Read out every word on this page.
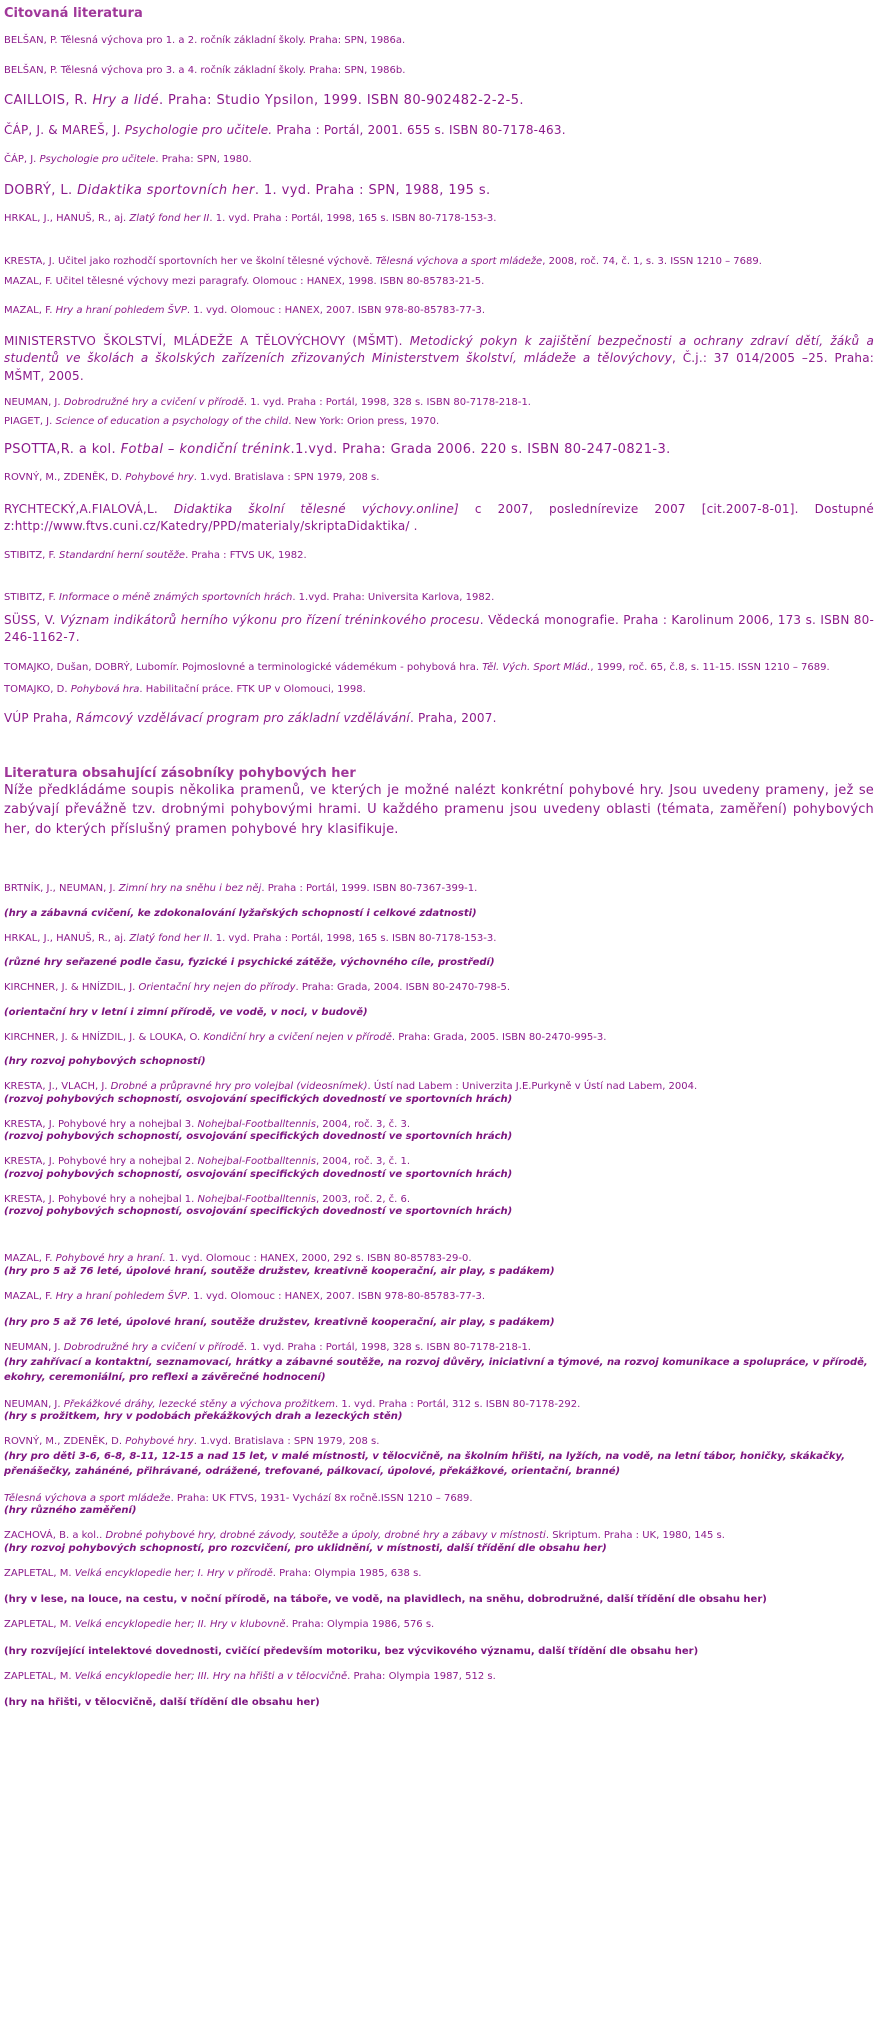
Citovaná literatura

BELŠAN, P. Tělesná výchova pro 1. a 2. ročník základní školy. Praha: SPN, 1986a.
BELŠAN, P. Tělesná výchova pro 3. a 4. ročník základní školy. Praha: SPN, 1986b.
CAILLOIS, R. Hry a lidé. Praha: Studio Ypsilon, 1999. ISBN 80-902482-2-2-5.
ČÁP, J. & MAREŠ, J. Psychologie pro učitele. Praha : Portál, 2001. 655 s. ISBN 80-7178-463.
ČÁP, J. Psychologie pro učitele. Praha: SPN, 1980.
DOBRÝ, L. Didaktika sportovních her. 1. vyd. Praha : SPN, 1988, 195 s.
HRKAL, J., HANUŠ, R., aj. Zlatý fond her II. 1. vyd. Praha : Portál, 1998, 165 s. ISBN 80-7178-153-3.
KRESTA, J. Učitel jako rozhodčí sportovních her ve školní tělesné výchově. Tělesná výchova a sport mládeže, 2008, roč. 74, č. 1, s. 3. ISSN 1210 – 7689.
MAZAL, F. Učitel tělesné výchovy mezi paragrafy. Olomouc : HANEX, 1998. ISBN 80-85783-21-5.
MAZAL, F. Hry a hraní pohledem ŠVP. 1. vyd. Olomouc : HANEX, 2007. ISBN 978-80-85783-77-3.
MINISTERSTVO ŠKOLSTVÍ, MLÁDEŽE A TĚLOVÝCHOVY (MŠMT). Metodický pokyn k zajištění bezpečnosti a ochrany zdraví dětí, žáků a studentů ve školách a školských zařízeních zřizovaných Ministerstvem školství, mládeže a tělovýchovy, Č.j.: 37 014/2005 –25. Praha: MŠMT, 2005.
NEUMAN, J. Dobrodružné hry a cvičení v přírodě. 1. vyd. Praha : Portál, 1998, 328 s. ISBN 80-7178-218-1.
PIAGET, J. Science of education a psychology of the child. New York: Orion press, 1970.
PSOTTA,R. a kol. Fotbal – kondiční trénink.1.vyd. Praha: Grada 2006. 220 s. ISBN 80-247-0821-3.
ROVNÝ, M., ZDENĚK, D. Pohybové hry. 1.vyd. Bratislava : SPN 1979, 208 s.
RYCHTECKÝ,A.FIALOVÁ,L. Didaktika školní tělesné výchovy.online] c 2007, poslednírevize 2007 [cit.2007-8-01]. Dostupné z:http://www.ftvs.cuni.cz/Katedry/PPD/materialy/skriptaDidaktika/ .
STIBITZ, F. Standardní herní soutěže. Praha : FTVS UK, 1982.
STIBITZ, F. Informace o méně známých sportovních hrách. 1.vyd. Praha: Universita Karlova, 1982.
SÜSS, V. Význam indikátorů herního výkonu pro řízení tréninkového procesu. Vědecká monografie. Praha : Karolinum 2006, 173 s. ISBN 80-246-1162-7.
TOMAJKO, Dušan, DOBRÝ, Lubomír. Pojmoslovné a terminologické vádemékum - pohybová hra. Těl. Vých. Sport Mlád., 1999, roč. 65, č.8, s. 11-15. ISSN 1210 – 7689.
TOMAJKO, D. Pohybová hra. Habilitační práce. FTK UP v Olomouci, 1998.
VÚP Praha, Rámcový vzdělávací program pro základní vzdělávání. Praha, 2007.

Literatura obsahující zásobníky pohybových her

Níže předkládáme soupis několika pramenů, ve kterých je možné nalézt konkrétní pohybové hry. Jsou uvedeny prameny, jež se zabývají převážně tzv. drobnými pohybovými hrami. U každého pramenu jsou uvedeny oblasti (témata, zaměření) pohybových her, do kterých příslušný pramen pohybové hry klasifikuje.

BRTNÍK, J., NEUMAN, J. Zimní hry na sněhu i bez něj. Praha : Portál, 1999. ISBN 80-7367-399-1.
(hry a zábavná cvičení, ke zdokonalování lyžařských schopností i celkové zdatnosti)
HRKAL, J., HANUŠ, R., aj. Zlatý fond her II. 1. vyd. Praha : Portál, 1998, 165 s. ISBN 80-7178-153-3.
(různé hry seřazené podle času, fyzické i psychické zátěže, výchovného cíle, prostředí)
KIRCHNER, J. & HNÍZDIL, J. Orientační hry nejen do přírody. Praha: Grada, 2004. ISBN 80-2470-798-5.
(orientační hry v letní i zimní přírodě, ve vodě, v noci, v budově)
KIRCHNER, J. & HNÍZDIL, J. & LOUKA, O. Kondiční hry a cvičení nejen v přírodě. Praha: Grada, 2005. ISBN 80-2470-995-3.
(hry rozvoj pohybových schopností)
KRESTA, J., VLACH, J. Drobné a průpravné hry pro volejbal (videosnímek). Ústí nad Labem : Univerzita J.E.Purkyně v Ústí nad Labem, 2004.
(rozvoj pohybových schopností, osvojování specifických dovedností ve sportovních hrách)
KRESTA, J. Pohybové hry a nohejbal 3. Nohejbal-Footballtennis, 2004, roč. 3, č. 3.
(rozvoj pohybových schopností, osvojování specifických dovedností ve sportovních hrách)
KRESTA, J. Pohybové hry a nohejbal 2. Nohejbal-Footballtennis, 2004, roč. 3, č. 1.
(rozvoj pohybových schopností, osvojování specifických dovedností ve sportovních hrách)
KRESTA, J. Pohybové hry a nohejbal 1. Nohejbal-Footballtennis, 2003, roč. 2, č. 6.
(rozvoj pohybových schopností, osvojování specifických dovedností ve sportovních hrách)
MAZAL, F. Pohybové hry a hraní. 1. vyd. Olomouc : HANEX, 2000, 292 s. ISBN 80-85783-29-0.
(hry pro 5 až 76 leté, úpolové hraní, soutěže družstev, kreativně kooperační, air play, s padákem)
MAZAL, F. Hry a hraní pohledem ŠVP. 1. vyd. Olomouc : HANEX, 2007. ISBN 978-80-85783-77-3.
(hry pro 5 až 76 leté, úpolové hraní, soutěže družstev, kreativně kooperační, air play, s padákem)
NEUMAN, J. Dobrodružné hry a cvičení v přírodě. 1. vyd. Praha : Portál, 1998, 328 s. ISBN 80-7178-218-1.
(hry zahřívací a kontaktní, seznamovací, hrátky a zábavné soutěže, na rozvoj důvěry, iniciativní a týmové, na rozvoj komunikace a spolupráce, v přírodě, ekohry, ceremoniální, pro reflexi a závěrečné hodnocení)
NEUMAN, J. Překážkové dráhy, lezecké stěny a výchova prožitkem. 1. vyd. Praha : Portál, 312 s. ISBN 80-7178-292.
(hry s prožitkem, hry v podobách překážkových drah a lezeckých stěn)
ROVNÝ, M., ZDENĚK, D. Pohybové hry. 1.vyd. Bratislava : SPN 1979, 208 s.
(hry pro děti 3-6, 6-8, 8-11, 12-15 a nad 15 let, v malé místnosti, v tělocvičně, na školním hřišti, na lyžích, na vodě, na letní tábor, honičky, skákačky, přenášečky, zahánéné, přihrávané, odrážené, trefované, pálkovací, úpolové, překážkové, orientační, branné)
Tělesná výchova a sport mládeže. Praha: UK FTVS, 1931- Vychází 8x ročně.ISSN 1210 – 7689.
(hry různého zaměření)
ZACHOVÁ, B. a kol.. Drobné pohybové hry, drobné závody, soutěže a úpoly, drobné hry a zábavy v místnosti. Skriptum. Praha : UK, 1980, 145 s.
(hry rozvoj pohybových schopností, pro rozcvičení, pro uklidnění, v místnosti, další třídění dle obsahu her)
ZAPLETAL, M. Velká encyklopedie her; I. Hry v přírodě. Praha: Olympia 1985, 638 s.
(hry v lese, na louce, na cestu, v noční přírodě, na táboře, ve vodě, na plavidlech, na sněhu, dobrodružné, další třídění dle obsahu her)
ZAPLETAL, M. Velká encyklopedie her; II. Hry v klubovně. Praha: Olympia 1986, 576 s.
(hry rozvíjející intelektové dovednosti, cvičící především motoriku, bez výcvikového významu, další třídění dle obsahu her)
ZAPLETAL, M. Velká encyklopedie her; III. Hry na hřišti a v tělocvičně. Praha: Olympia 1987, 512 s.
(hry na hřišti, v tělocvičně, další třídění dle obsahu her)
